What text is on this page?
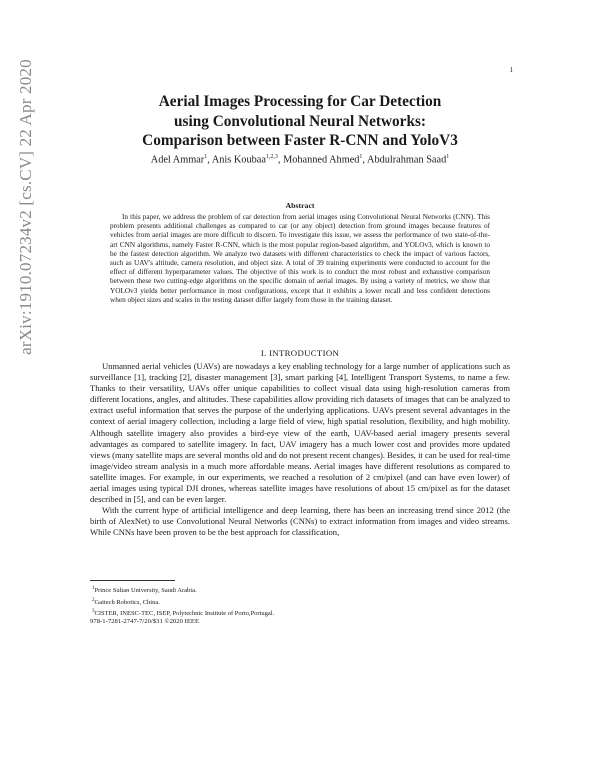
1
arXiv:1910.07234v2 [cs.CV] 22 Apr 2020	Aerial Images Processing for Car Detection
using Convolutional Neural Networks:
Comparison between Faster R-CNN and YoloV3
Adel Ammar$^1$, Anis Koubaa$^{1,2,3}$, Mohanned Ahmed$^1$, Abdulrahman Saad$^1$
Abstract

In this paper, we address the problem of car detection from aerial images using Convolutional Neural Networks (CNN). This problem presents additional challenges as compared to car (or any object) detection from ground images because features of vehicles from aerial images are more difficult to discern. To investigate this issue, we assess the performance of two state-of-the-art CNN algorithms, namely Faster R-CNN, which is the most popular region-based algorithm, and YOLOv3, which is known to be the fastest detection algorithm. We analyze two datasets with different characteristics to check the impact of various factors, such as UAV's altitude, camera resolution, and object size. A total of 39 training experiments were conducted to account for the effect of different hyperparameter values. The objective of this work is to conduct the most robust and exhaustive comparison between these two cutting-edge algorithms on the specific domain of aerial images. By using a variety of metrics, we show that YOLOv3 yields better performance in most configurations, except that it exhibits a lower recall and less confident detections when object sizes and scales in the testing dataset differ largely from those in the training dataset.

I. INTRODUCTION

Unmanned aerial vehicles (UAVs) are nowadays a key enabling technology for a large number of applications such as surveillance [1], tracking [2], disaster management [3], smart parking [4], Intelligent Transport Systems, to name a few. Thanks to their versatility, UAVs offer unique capabilities to collect visual data using high-resolution cameras from different locations, angles, and altitudes. These capabilities allow providing rich datasets of images that can be analyzed to extract useful information that serves the purpose of the underlying applications. UAVs present several advantages in the context of aerial imagery collection, including a large field of view, high spatial resolution, flexibility, and high mobility. Although satellite imagery also provides a bird-eye view of the earth, UAV-based aerial imagery presents several advantages as compared to satellite imagery. In fact, UAV imagery has a much lower cost and provides more updated views (many satellite maps are several months old and do not present recent changes). Besides, it can be used for real-time image/video stream analysis in a much more affordable means. Aerial images have different resolutions as compared to satellite images. For example, in our experiments, we reached a resolution of 2 cm/pixel (and can have even lower) of aerial images using typical DJI drones, whereas satellite images have resolutions of about 15 cm/pixel as for the dataset described in [5], and can be even larger.

With the current hype of artificial intelligence and deep learning, there has been an increasing trend since 2012 (the birth of AlexNet) to use Convolutional Neural Networks (CNNs) to extract information from images and video streams. While CNNs have been proven to be the best approach for classification,

$^1$Prince Sultan University, Saudi Arabia.
$^2$Gaitech Robotics, China.
$^3$CISTER, INESC-TEC, ISEP, Polytechnic Institute of Porto,Portugal.
978-1-7281-2747-7/20/$31 ©2020 IEEE
